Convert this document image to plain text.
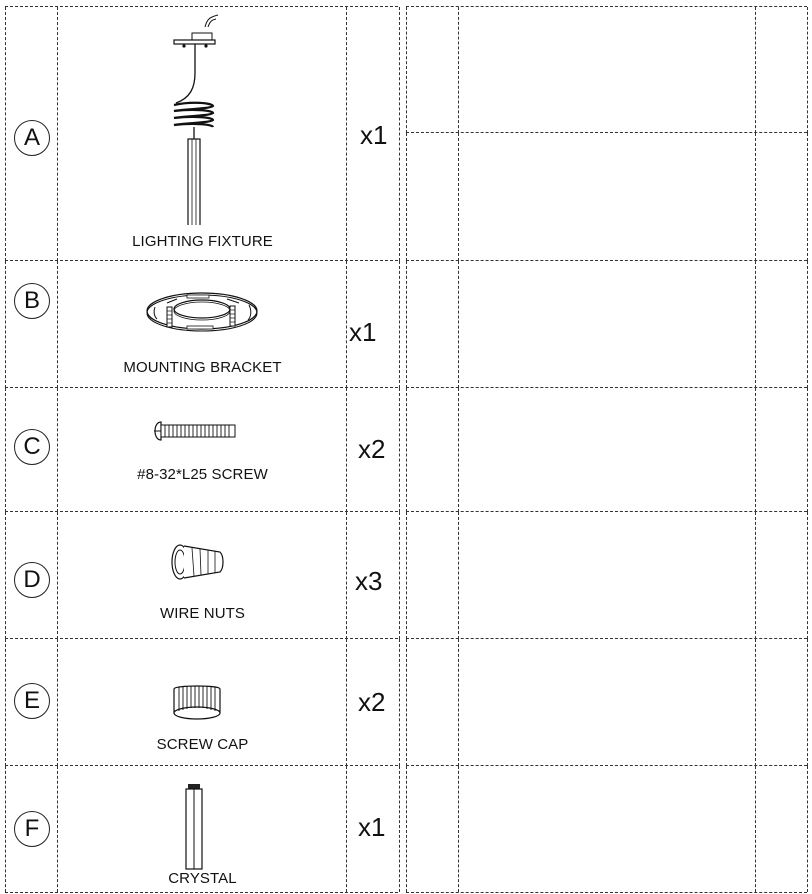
A
LIGHTING FIXTURE
x1
B
MOUNTING BRACKET
x1
C
#8-32*L25 SCREW
x2
D
WIRE NUTS
x3
E
SCREW CAP
x2
F
CRYSTAL
x1
